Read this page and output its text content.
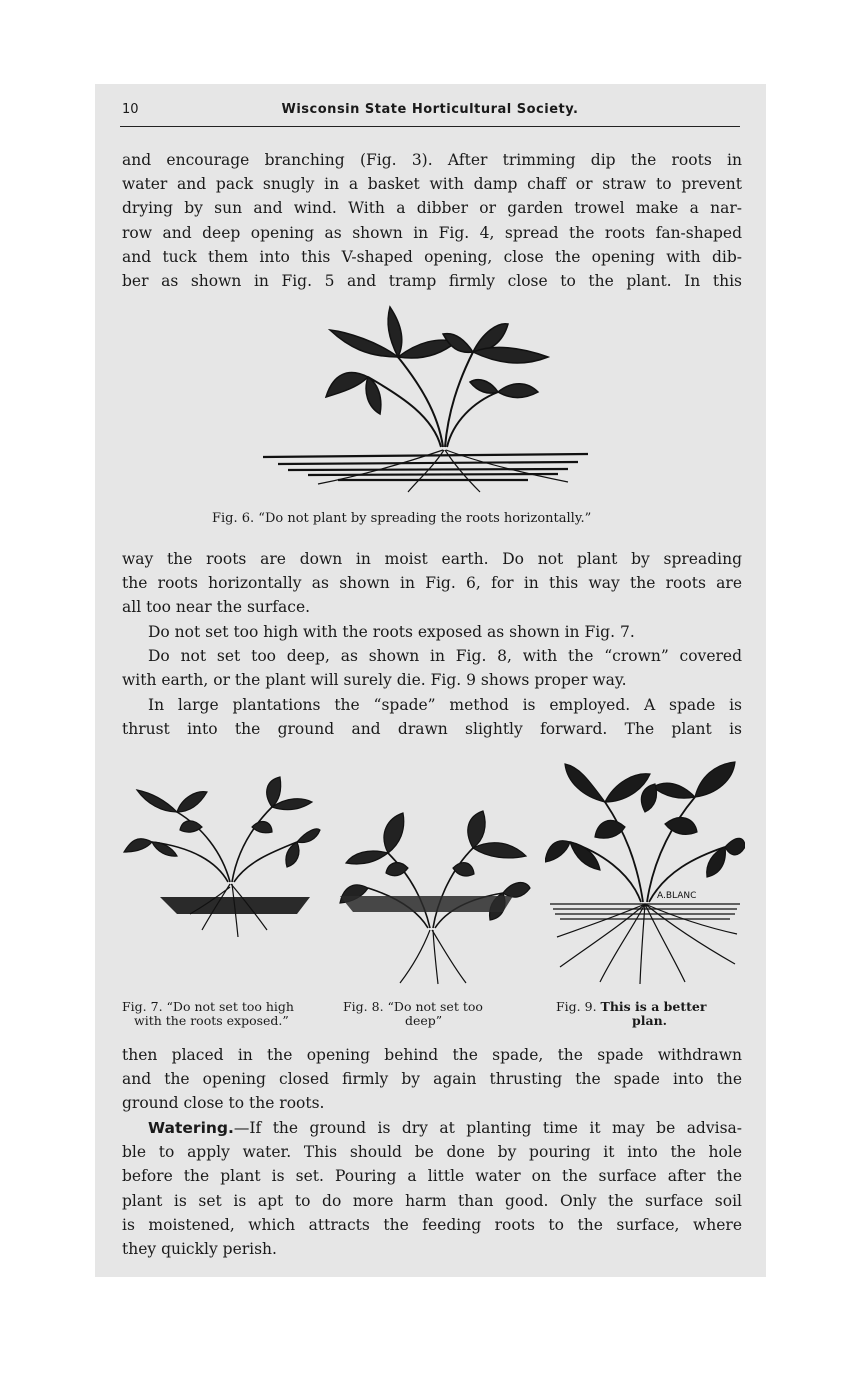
10	Wisconsin State Horticultural Society.

and encourage branching (Fig. 3). After trimming dip the roots in
water and pack snugly in a basket with damp chaff or straw to prevent
drying by sun and wind. With a dibber or garden trowel make a nar-
row and deep opening as shown in Fig. 4, spread the roots fan-shaped
and tuck them into this V-shaped opening, close the opening with dib-
ber as shown in Fig. 5 and tramp firmly close to the plant. In this

Fig. 6. “Do not plant by spreading the roots horizontally.”

way the roots are down in moist earth. Do not plant by spreading
the roots horizontally as shown in Fig. 6, for in this way the roots are
all too near the surface.

Do not set too high with the roots exposed as shown in Fig. 7.

Do not set too deep, as shown in Fig. 8, with the “crown” covered
with earth, or the plant will surely die. Fig. 9 shows proper way.

In large plantations the “spade” method is employed. A spade is
thrust into the ground and drawn slightly forward. The plant is

A.BLANC
Fig. 7. “Do not set too high
with the roots exposed.”
Fig. 8. “Do not set too
deep”
Fig. 9. This is a better
plan.

then placed in the opening behind the spade, the spade withdrawn
and the opening closed firmly by again thrusting the spade into the
ground close to the roots.

Watering.—If the ground is dry at planting time it may be advisa-
ble to apply water. This should be done by pouring it into the hole
before the plant is set. Pouring a little water on the surface after the
plant is set is apt to do more harm than good. Only the surface soil
is moistened, which attracts the feeding roots to the surface, where
they quickly perish.
